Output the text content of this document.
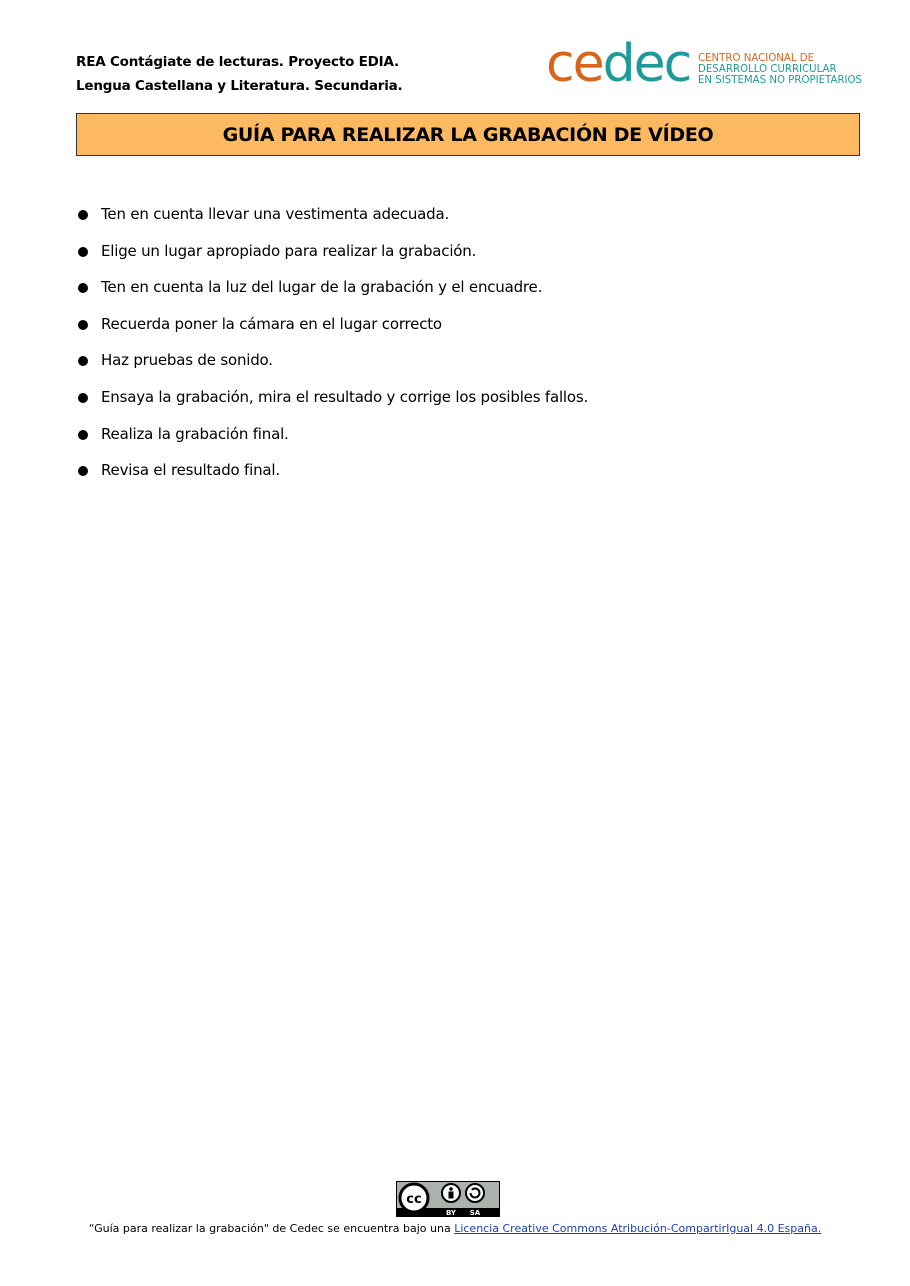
REA Contágiate de lecturas. Proyecto EDIA.
Lengua Castellana y Literatura. Secundaria.	cedec CENTRO NACIONAL DE
DESARROLLO CURRICULAR
EN SISTEMAS NO PROPIETARIOS
GUÍA PARA REALIZAR LA GRABACIÓN DE VÍDEO
Ten en cuenta llevar una vestimenta adecuada.
Elige un lugar apropiado para realizar la grabación.
Ten en cuenta la luz del lugar de la grabación y el encuadre.
Recuerda poner la cámara en el lugar correcto
Haz pruebas de sonido.
Ensaya la grabación, mira el resultado y corrige los posibles fallos.
Realiza la grabación final.
Revisa el resultado final.
cc
BY SA
“Guía para realizar la grabación" de Cedec se encuentra bajo una Licencia Creative Commons Atribución-CompartirIgual 4.0 España.
